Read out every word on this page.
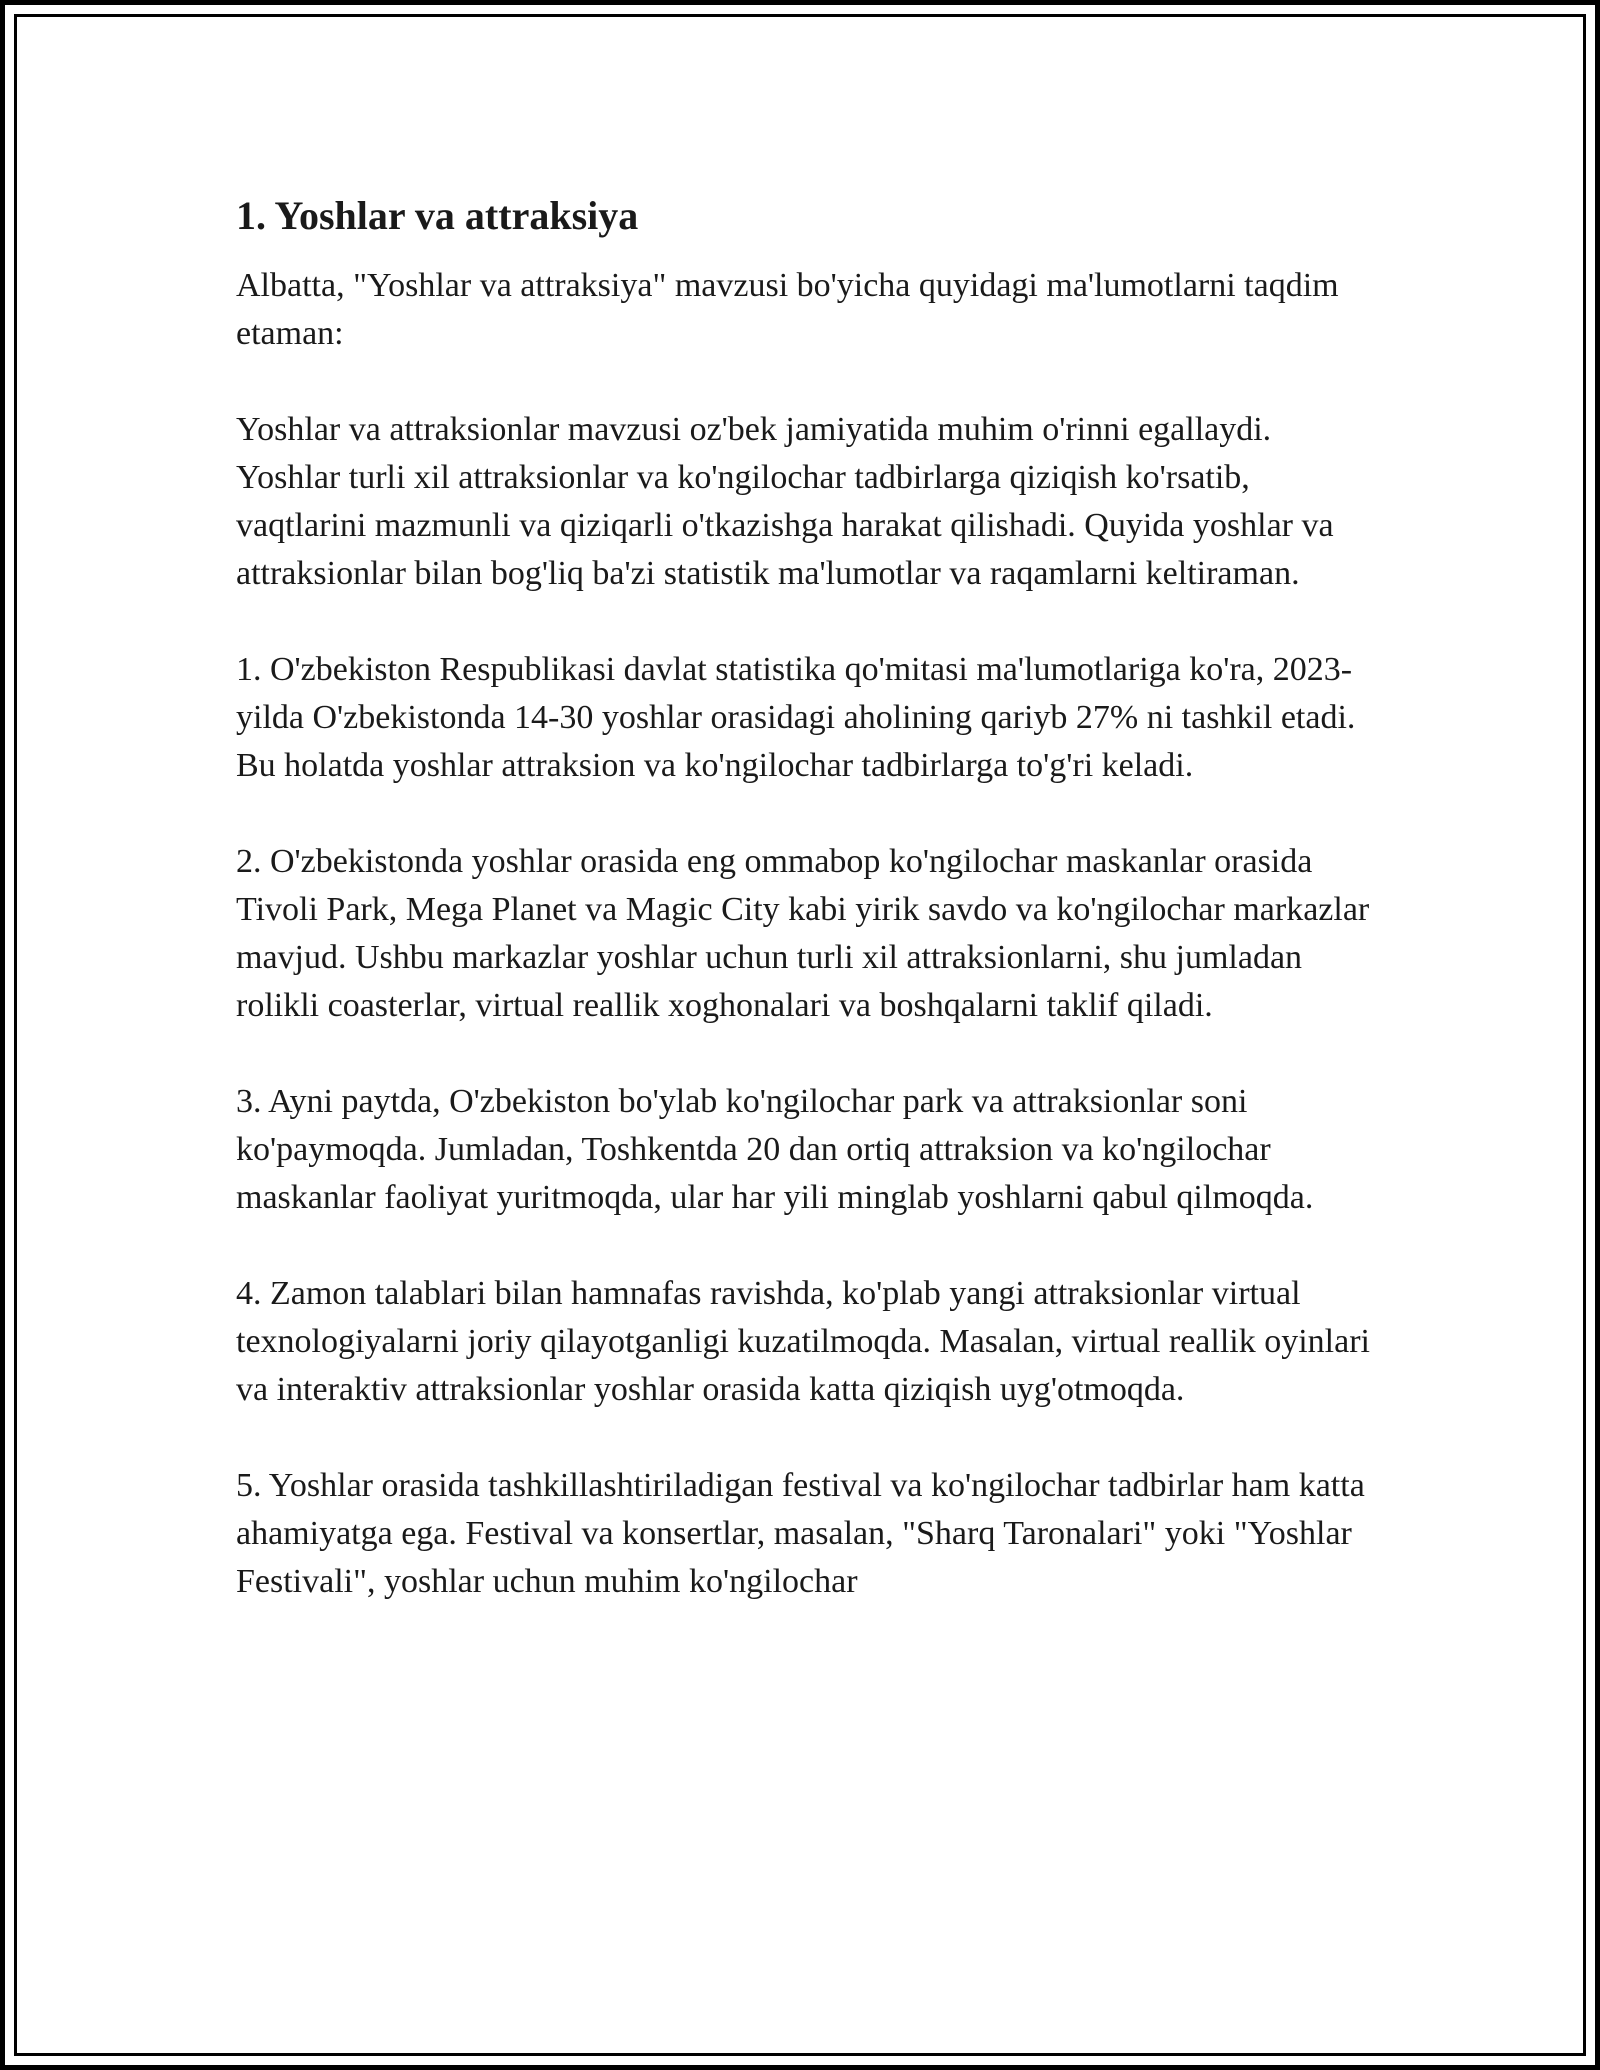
1. Yoshlar va attraksiya

Albatta, "Yoshlar va attraksiya" mavzusi bo'yicha quyidagi ma'lumotlarni taqdim etaman:

Yoshlar va attraksionlar mavzusi oz'bek jamiyatida muhim o'rinni egallaydi. Yoshlar turli xil attraksionlar va ko'ngilochar tadbirlarga qiziqish ko'rsatib, vaqtlarini mazmunli va qiziqarli o'tkazishga harakat qilishadi. Quyida yoshlar va attraksionlar bilan bog'liq ba'zi statistik ma'lumotlar va raqamlarni keltiraman.

1. O'zbekiston Respublikasi davlat statistika qo'mitasi ma'lumotlariga ko'ra, 2023-yilda O'zbekistonda 14-30 yoshlar orasidagi aholining qariyb 27% ni tashkil etadi. Bu holatda yoshlar attraksion va ko'ngilochar tadbirlarga to'g'ri keladi.

2. O'zbekistonda yoshlar orasida eng ommabop ko'ngilochar maskanlar orasida Tivoli Park, Mega Planet va Magic City kabi yirik savdo va ko'ngilochar markazlar mavjud. Ushbu markazlar yoshlar uchun turli xil attraksionlarni, shu jumladan rolikli coasterlar, virtual reallik xoghonalari va boshqalarni taklif qiladi.

3. Ayni paytda, O'zbekiston bo'ylab ko'ngilochar park va attraksionlar soni ko'paymoqda. Jumladan, Toshkentda 20 dan ortiq attraksion va ko'ngilochar maskanlar faoliyat yuritmoqda, ular har yili minglab yoshlarni qabul qilmoqda.

4. Zamon talablari bilan hamnafas ravishda, ko'plab yangi attraksionlar virtual texnologiyalarni joriy qilayotganligi kuzatilmoqda. Masalan, virtual reallik oyinlari va interaktiv attraksionlar yoshlar orasida katta qiziqish uyg'otmoqda.

5. Yoshlar orasida tashkillashtiriladigan festival va ko'ngilochar tadbirlar ham katta ahamiyatga ega. Festival va konsertlar, masalan, "Sharq Taronalari" yoki "Yoshlar Festivali", yoshlar uchun muhim ko'ngilochar
